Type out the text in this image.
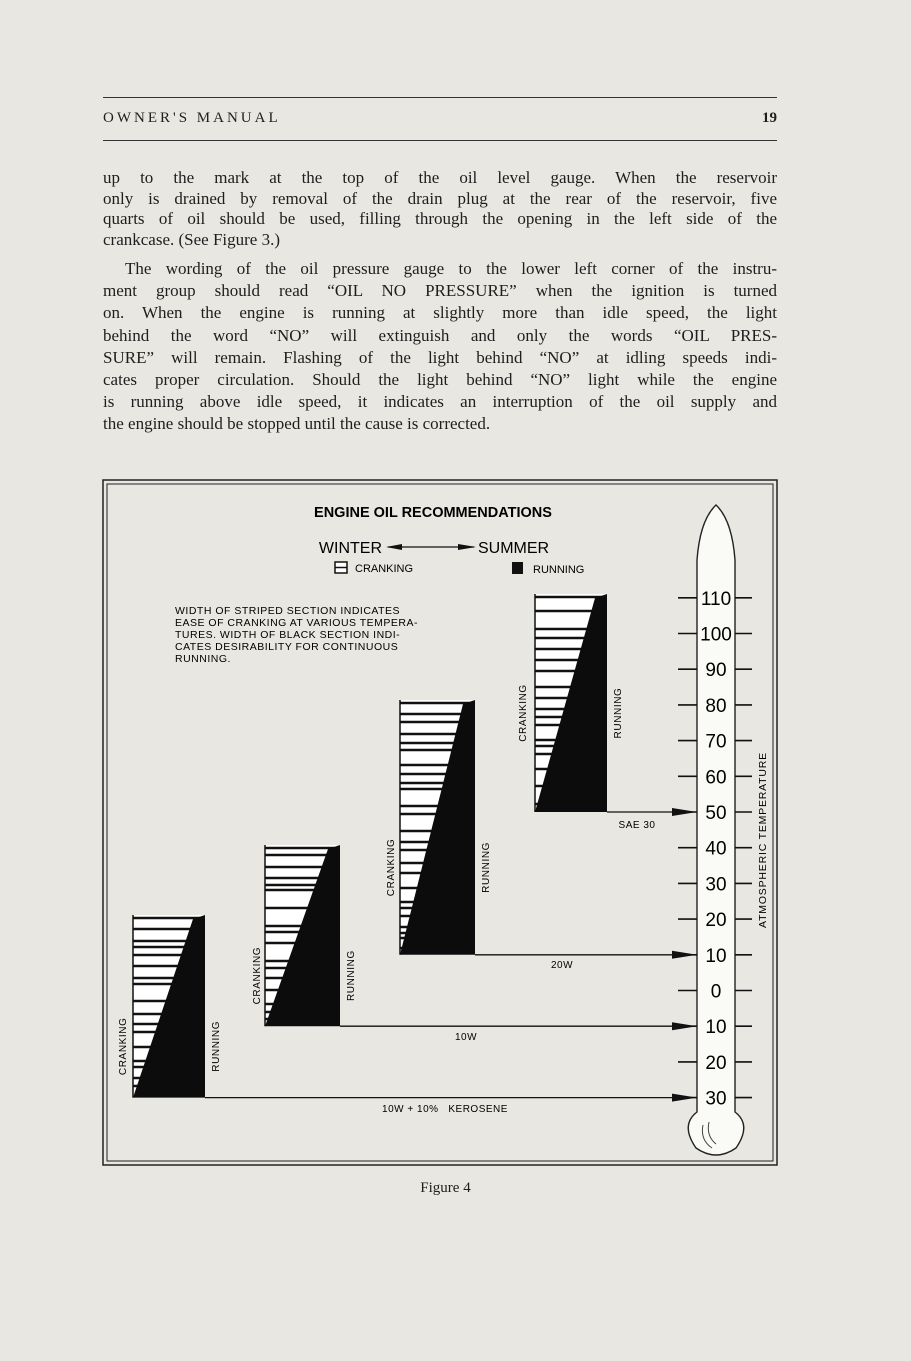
OWNER'S MANUAL	19
up to the mark at the top of the oil level gauge. When the reservoir
only is drained by removal of the drain plug at the rear of the reservoir, five
quarts of oil should be used, filling through the opening in the left side of the
crankcase. (See Figure 3.)
The wording of the oil pressure gauge to the lower left corner of the instru-
ment group should read “OIL NO PRESSURE” when the ignition is turned
on. When the engine is running at slightly more than idle speed, the light
behind the word “NO” will extinguish and only the words “OIL PRES-
SURE” will remain. Flashing of the light behind “NO” at idling speeds indi-
cates proper circulation. Should the light behind “NO” light while the engine
is running above idle speed, it indicates an interruption of the oil supply and
the engine should be stopped until the cause is corrected.
ENGINE OIL RECOMMENDATIONS
WINTER	SUMMER
CRANKING	RUNNING
WIDTH OF STRIPED SECTION INDICATES
EASE OF CRANKING AT VARIOUS TEMPERA-
TURES. WIDTH OF BLACK SECTION INDI-
CATES DESIRABILITY FOR CONTINUOUS
RUNNING.
110
100
90
80
70
60
50
40
30
20
10
0
10
20
30
ATMOSPHERIC TEMPERATURE
CRANKING	RUNNING
10W + 10%   KEROSENE
CRANKING	RUNNING
10W
CRANKING	RUNNING
20W
CRANKING	RUNNING
SAE 30
Figure 4
